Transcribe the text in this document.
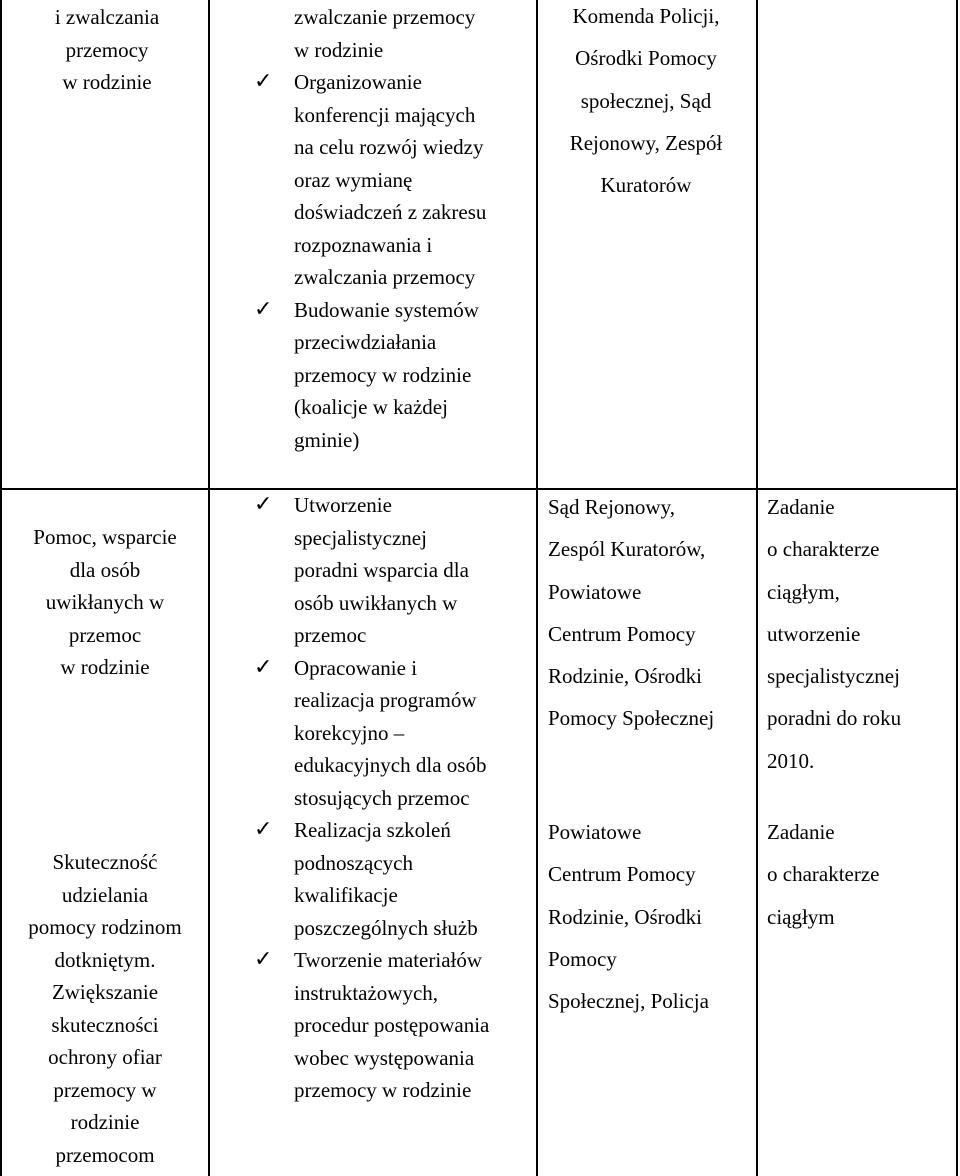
i zwalczania
przemocy
w rodzinie
zwalczanie przemocy
w rodzinie
✓ Organizowanie
konferencji mających
na celu rozwój wiedzy
oraz wymianę
doświadczeń z zakresu
rozpoznawania i
zwalczania przemocy
✓ Budowanie systemów
przeciwdziałania
przemocy w rodzinie
(koalicje w każdej
gminie)
Komenda Policji,
Ośrodki Pomocy
społecznej, Sąd
Rejonowy, Zespół
Kuratorów
Pomoc, wsparcie
dla osób
uwikłanych w
przemoc
w rodzinie
Skuteczność
udzielania
pomocy rodzinom
dotkniętym.
Zwiększanie
skuteczności
ochrony ofiar
przemocy w
rodzinie
przemocom
✓ Utworzenie
specjalistycznej
poradni wsparcia dla
osób uwikłanych w
przemoc
✓ Opracowanie i
realizacja programów
korekcyjno –
edukacyjnych dla osób
stosujących przemoc
✓ Realizacja szkoleń
podnoszących
kwalifikacje
poszczególnych służb
✓ Tworzenie materiałów
instruktażowych,
procedur postępowania
wobec występowania
przemocy w rodzinie
Sąd Rejonowy,
Zespól Kuratorów,
Powiatowe
Centrum Pomocy
Rodzinie, Ośrodki
Pomocy Społecznej
Powiatowe
Centrum Pomocy
Rodzinie, Ośrodki
Pomocy
Społecznej, Policja
Zadanie
o charakterze
ciągłym,
utworzenie
specjalistycznej
poradni do roku
2010.
Zadanie
o charakterze
ciągłym
